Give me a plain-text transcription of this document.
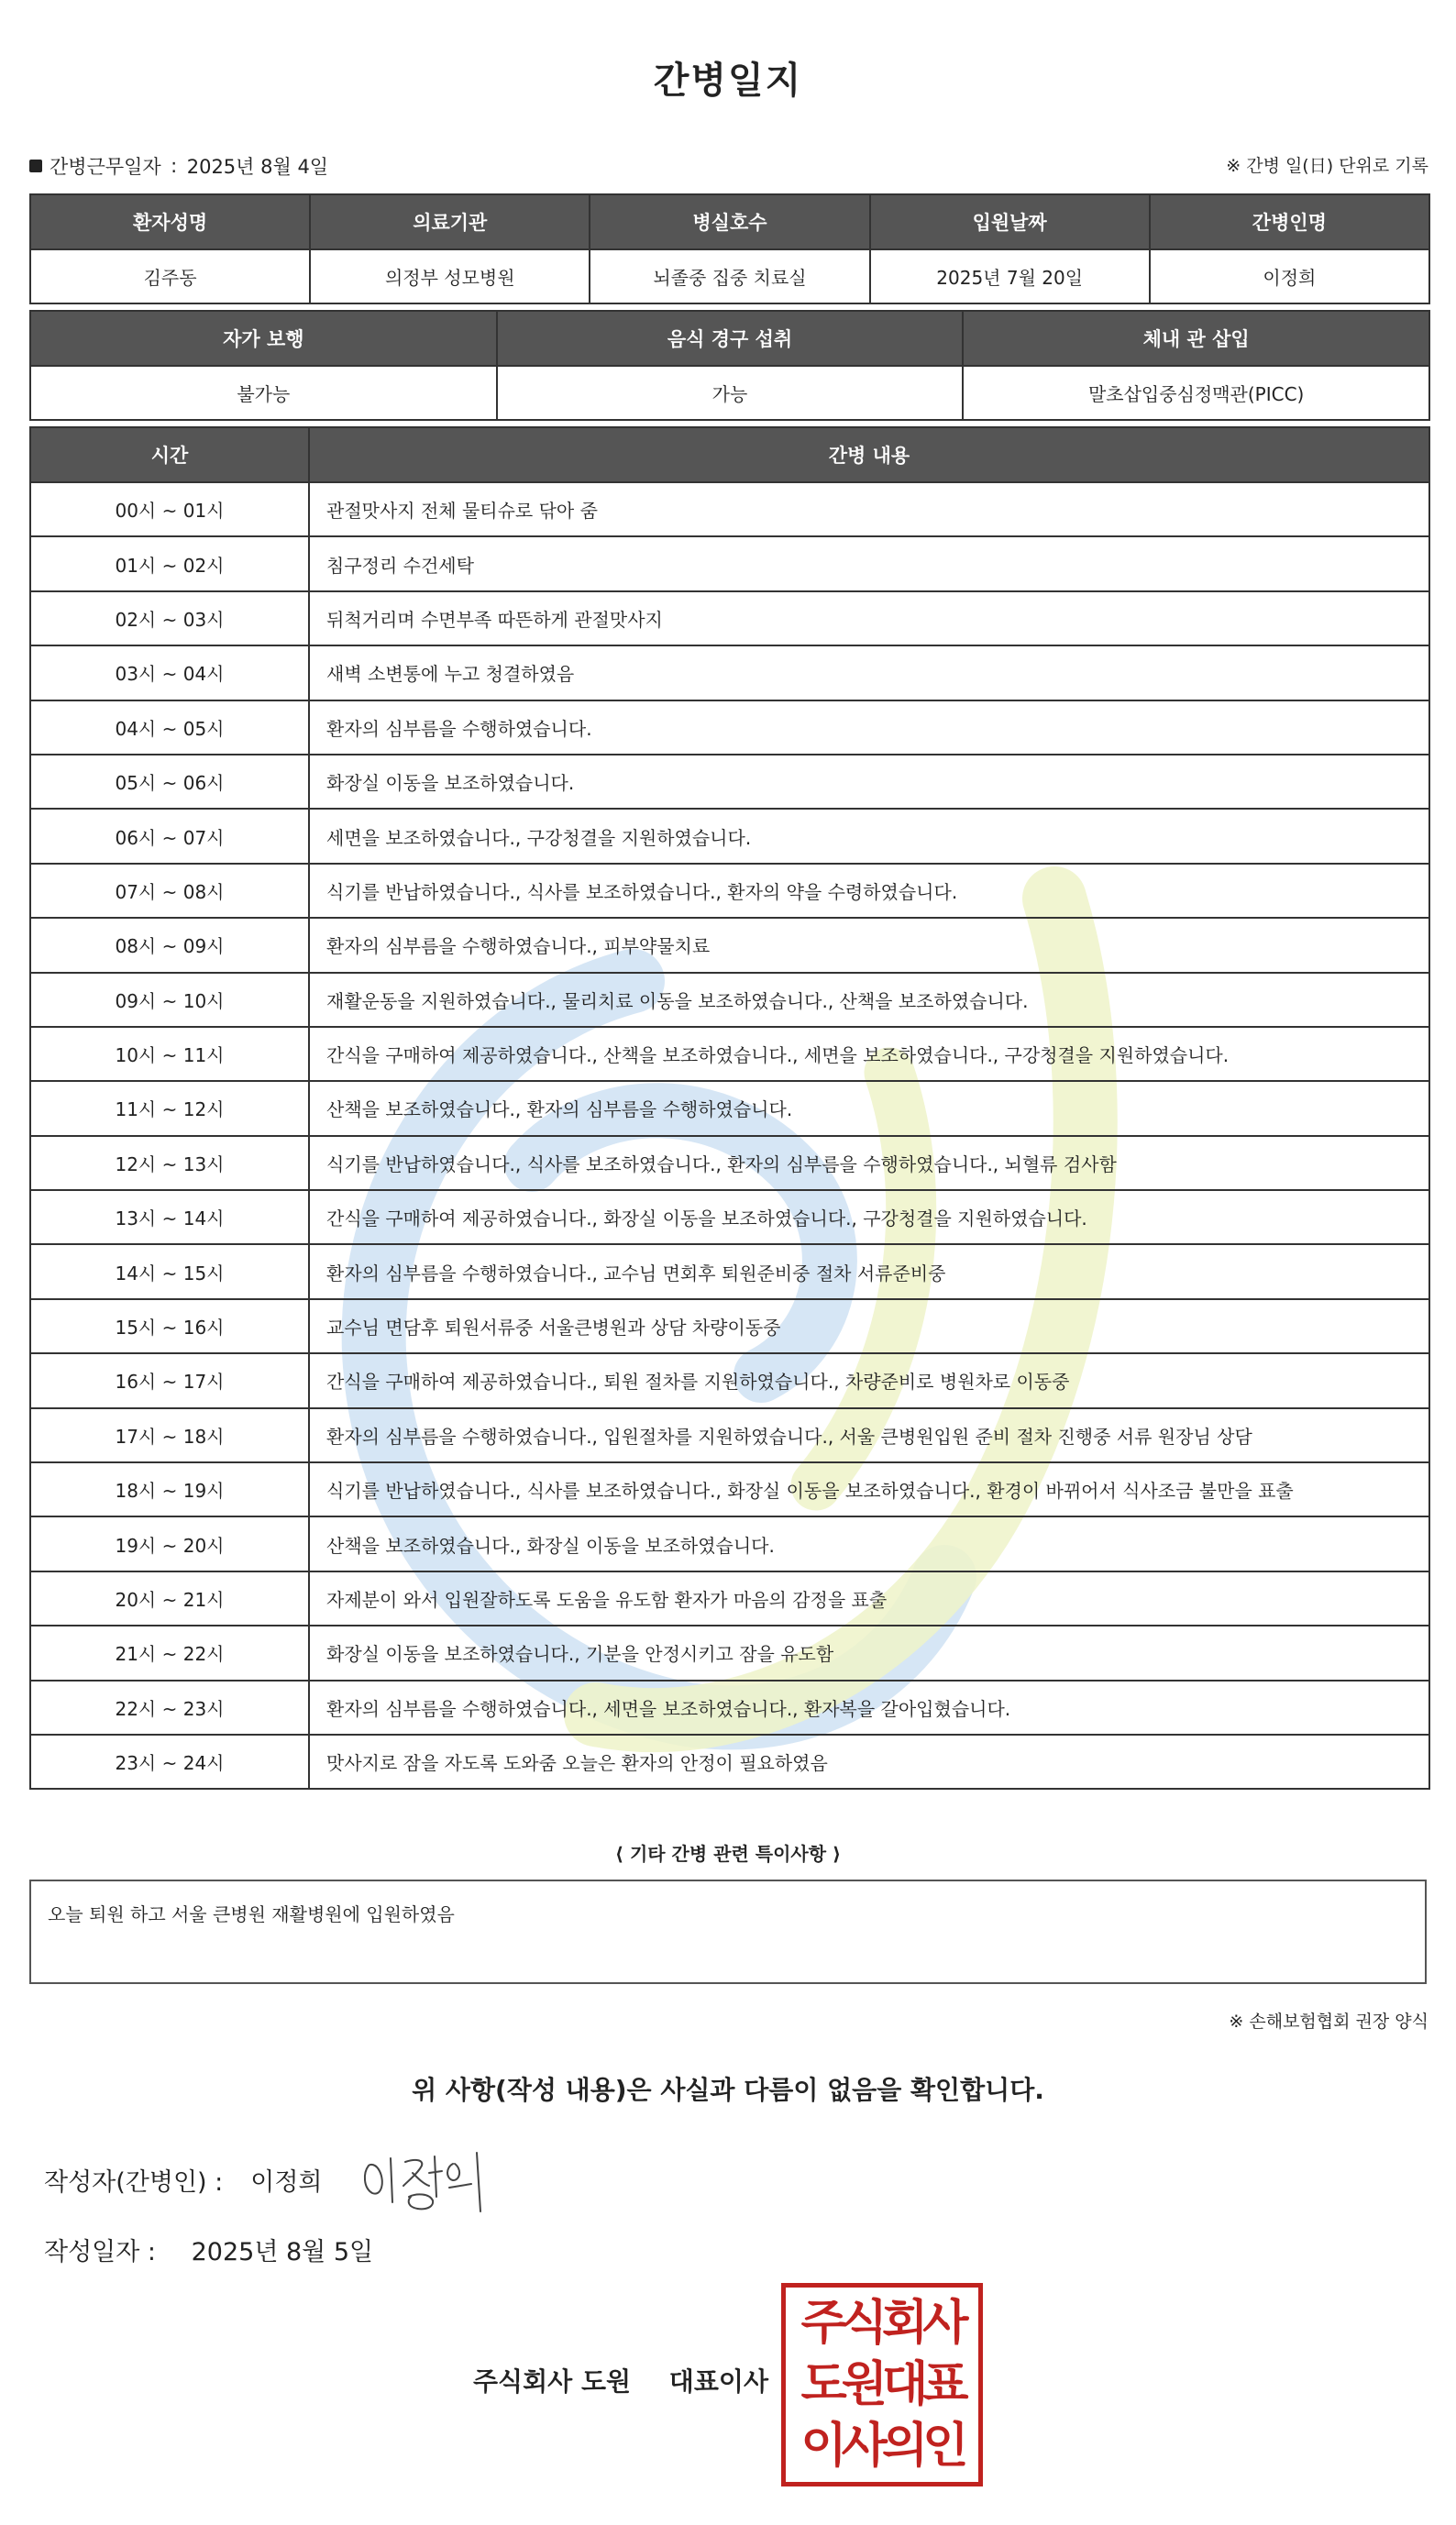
간병일지
간병근무일자 : 2025년 8월 4일	※ 간병 일(日) 단위로 기록
환자성명	의료기관	병실호수	입원날짜	간병인명
김주동	의정부 성모병원	뇌졸중 집중 치료실	2025년 7월 20일	이정희
자가 보행	음식 경구 섭취	체내 관 삽입
불가능	가능	말초삽입중심정맥관(PICC)
시간	간병 내용
00시 ~ 01시	관절맛사지 전체 물티슈로 닦아 줌
01시 ~ 02시	침구정리 수건세탁
02시 ~ 03시	뒤척거리며 수면부족 따뜬하게 관절맛사지
03시 ~ 04시	새벽 소변통에 누고 청결하였음
04시 ~ 05시	환자의 심부름을 수행하였습니다.
05시 ~ 06시	화장실 이동을 보조하였습니다.
06시 ~ 07시	세면을 보조하였습니다., 구강청결을 지원하였습니다.
07시 ~ 08시	식기를 반납하였습니다., 식사를 보조하였습니다., 환자의 약을 수령하였습니다.
08시 ~ 09시	환자의 심부름을 수행하였습니다., 피부약물치료
09시 ~ 10시	재활운동을 지원하였습니다., 물리치료 이동을 보조하였습니다., 산책을 보조하였습니다.
10시 ~ 11시	간식을 구매하여 제공하였습니다., 산책을 보조하였습니다., 세면을 보조하였습니다., 구강청결을 지원하였습니다.
11시 ~ 12시	산책을 보조하였습니다., 환자의 심부름을 수행하였습니다.
12시 ~ 13시	식기를 반납하였습니다., 식사를 보조하였습니다., 환자의 심부름을 수행하였습니다., 뇌혈류 검사함
13시 ~ 14시	간식을 구매하여 제공하였습니다., 화장실 이동을 보조하였습니다., 구강청결을 지원하였습니다.
14시 ~ 15시	환자의 심부름을 수행하였습니다., 교수님 면회후 퇴원준비중 절차 서류준비중
15시 ~ 16시	교수님 면담후 퇴원서류중 서울큰병원과 상담 차량이동중
16시 ~ 17시	간식을 구매하여 제공하였습니다., 퇴원 절차를 지원하였습니다., 차량준비로 병원차로 이동중
17시 ~ 18시	환자의 심부름을 수행하였습니다., 입원절차를 지원하였습니다., 서울 큰병원입원 준비 절차 진행중 서류 원장님 상담
18시 ~ 19시	식기를 반납하였습니다., 식사를 보조하였습니다., 화장실 이동을 보조하였습니다., 환경이 바뀌어서 식사조금 불만을 표출
19시 ~ 20시	산책을 보조하였습니다., 화장실 이동을 보조하였습니다.
20시 ~ 21시	자제분이 와서 입원잘하도록 도움을 유도함 환자가 마음의 감정을 표출
21시 ~ 22시	화장실 이동을 보조하였습니다., 기분을 안정시키고 잠을 유도함
22시 ~ 23시	환자의 심부름을 수행하였습니다., 세면을 보조하였습니다., 환자복을 갈아입혔습니다.
23시 ~ 24시	맛사지로 잠을 자도록 도와줌 오늘은 환자의 안정이 필요하였음
⟨ 기타 간병 관련 특이사항 ⟩
오늘 퇴원 하고 서울 큰병원 재활병원에 입원하였음
※ 손해보험협회 권장 양식
위 사항(작성 내용)은 사실과 다름이 없음을 확인합니다.
작성자(간병인) : 이정희
작성일자 : 2025년 8월 5일
주식회사 도원 대표이사
주식회사
도원대표
이사의인
